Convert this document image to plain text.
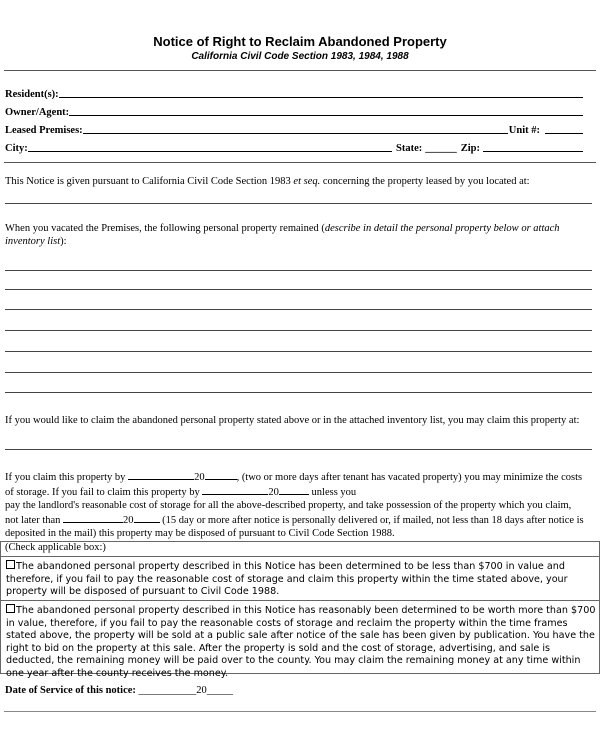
Notice of Right to Reclaim Abandoned Property
California Civil Code Section 1983, 1984, 1988
Resident(s):
Owner/Agent:
Leased Premises:	Unit #:
City:	State: ______ Zip:
This Notice is given pursuant to California Civil Code Section 1983 et seq. concerning the property leased by you located at:
When you vacated the Premises, the following personal property remained (describe in detail the personal property below or attach inventory list):
If you would like to claim the abandoned personal property stated above or in the attached inventory list, you may claim this property at:
If you claim this property by	20	, (two or more days after tenant has vacated property) you may minimize the costs
of storage. If you fail to claim this property by	20	unless you
pay the landlord's reasonable cost of storage for all the above-described property, and take possession of the property which you claim,
not later than	20	(15 day or more after notice is personally delivered or, if mailed, not less than 18 days after notice is
deposited in the mail) this property may be disposed of pursuant to Civil Code Section 1988.
(Check applicable box:)
The abandoned personal property described in this Notice has been determined to be less than $700 in value and therefore, if you fail to pay the reasonable cost of storage and claim this property within the time stated above, your property will be disposed of pursuant to Civil Code 1988.
The abandoned personal property described in this Notice has reasonably been determined to be worth more than $700 in value, therefore, if you fail to pay the reasonable costs of storage and reclaim the property within the time frames stated above, the property will be sold at a public sale after notice of the sale has been given by publication. You have the right to bid on the property at this sale. After the property is sold and the cost of storage, advertising, and sale is deducted, the remaining money will be paid over to the county. You may claim the remaining money at any time within one year after the county receives the money.
Date of Service of this notice: ___________20_____
